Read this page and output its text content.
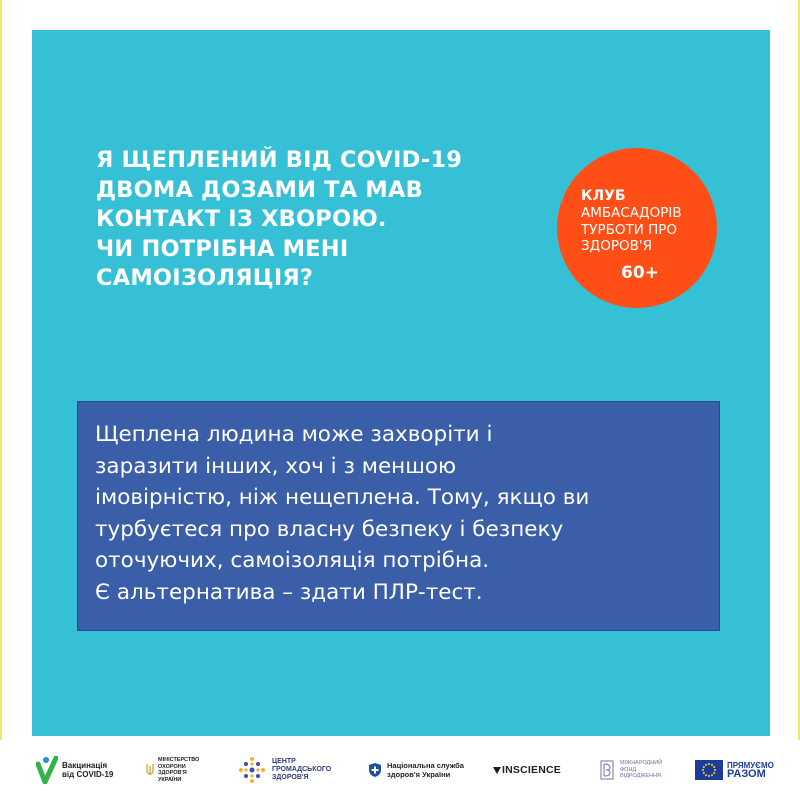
Я ЩЕПЛЕНИЙ ВІД COVID-19
ДВОМА ДОЗАМИ ТА МАВ
КОНТАКТ ІЗ ХВОРОЮ.
ЧИ ПОТРІБНА МЕНІ
САМОІЗОЛЯЦІЯ?
КЛУБ
АМБАСАДОРІВ
ТУРБОТИ ПРО
ЗДОРОВ'Я
60+
Щеплена людина може захворіти і
заразити інших, хоч і з меншою
імовірністю, ніж нещеплена. Тому, якщо ви
турбуєтеся про власну безпеку і безпеку
оточуючих, самоізоляція потрібна.
Є альтернатива – здати ПЛР-тест.
Вакцинація
від COVID-19
МІНІСТЕРСТВО
ОХОРОНИ
ЗДОРОВ'Я
УКРАЇНИ
ЦЕНТР
ГРОМАДСЬКОГО
ЗДОРОВ'Я
Національна служба
здоров'я України	INSCIENCE
МІЖНАРОДНИЙ
ФОНД
ВІДРОДЖЕННЯ
ПРЯМУЄМО
РАЗОМ
